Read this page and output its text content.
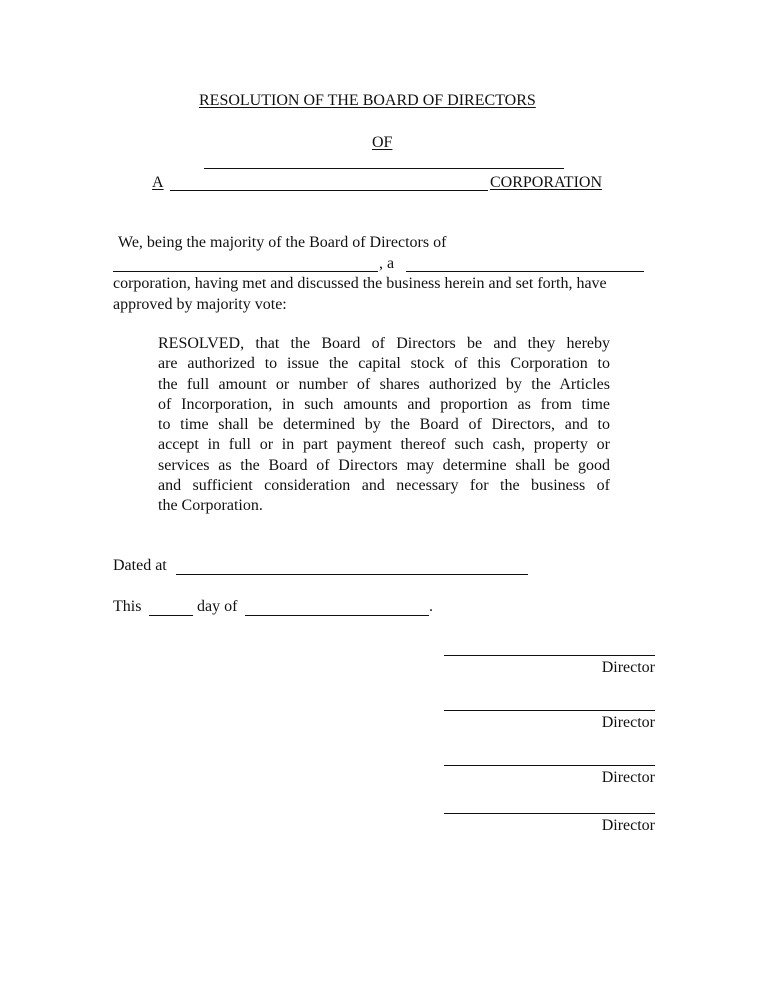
RESOLUTION OF THE BOARD OF DIRECTORS
OF
A	CORPORATION
We, being the majority of the Board of Directors of
, a
corporation, having met and discussed the business herein and set forth, have
approved by majority vote:
RESOLVED, that the Board of Directors be and they hereby
are authorized to issue the capital stock of this Corporation to
the full amount or number of shares authorized by the Articles
of Incorporation, in such amounts and proportion as from time
to time shall be determined by the Board of Directors, and to
accept in full or in part payment thereof such cash, property or
services as the Board of Directors may determine shall be good
and sufficient consideration and necessary for the business of
the Corporation.
Dated at
This	day of	.
Director
Director
Director
Director
